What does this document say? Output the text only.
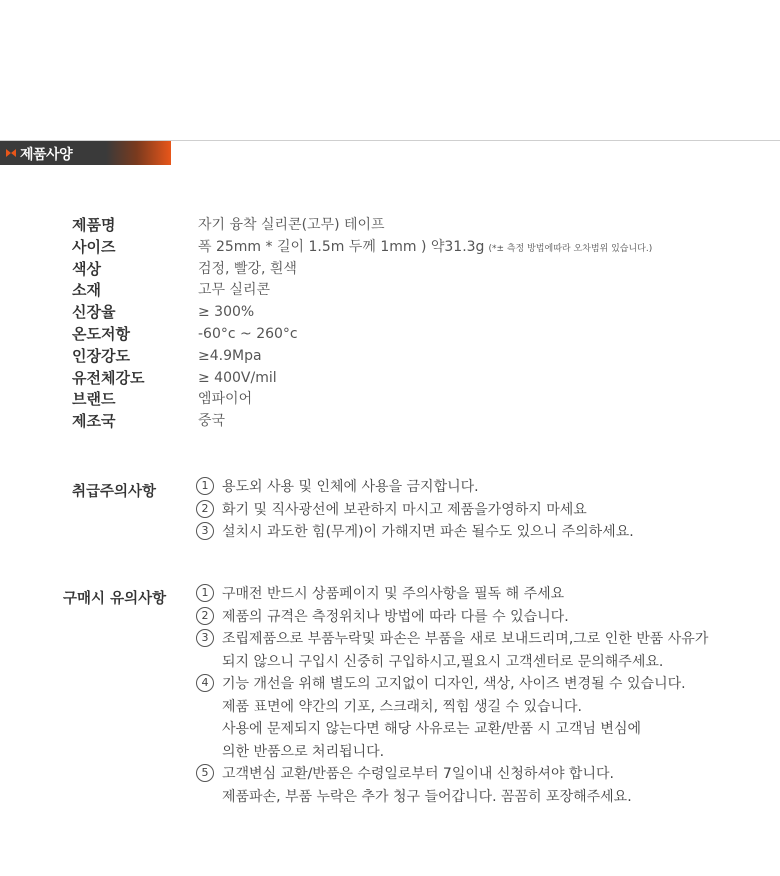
제품사양
제품명	자기 융착 실리콘(고무) 테이프
사이즈	폭 25mm * 길이 1.5m 두께 1mm ) 약31.3g (*± 측정 방법에따라 오차범위 있습니다.)
색상	검정, 빨강, 흰색
소재	고무 실리콘
신장율	≥ 300%
온도저항	-60°c ~ 260°c
인장강도	≥4.9Mpa
유전체강도	≥ 400V/mil
브랜드	엠파이어
제조국	중국
취급주의사항	1 용도외 사용 및 인체에 사용을 금지합니다.
2 화기 및 직사광선에 보관하지 마시고 제품을가영하지 마세요
3 설치시 과도한 힘(무게)이 가해지면 파손 될수도 있으니 주의하세요.
구매시 유의사항	1 구매전 반드시 상품페이지 및 주의사항을 필독 해 주세요
2 제품의 규격은 측정위치나 방법에 따라 다를 수 있습니다.
3 조립제품으로 부품누락및 파손은 부품을 새로 보내드리며,그로 인한 반품 사유가
되지 않으니 구입시 신중히 구입하시고,필요시 고객센터로 문의해주세요.
4 기능 개선을 위해 별도의 고지없이 디자인, 색상, 사이즈 변경될 수 있습니다.
제품 표면에 약간의 기포, 스크래치, 찍힘 생길 수 있습니다.
사용에 문제되지 않는다면 해당 사유로는 교환/반품 시 고객님 변심에
의한 반품으로 처리됩니다.
5 고객변심 교환/반품은 수령일로부터 7일이내 신청하셔야 합니다.
제품파손, 부품 누락은 추가 청구 들어갑니다. 꼼꼼히 포장해주세요.
